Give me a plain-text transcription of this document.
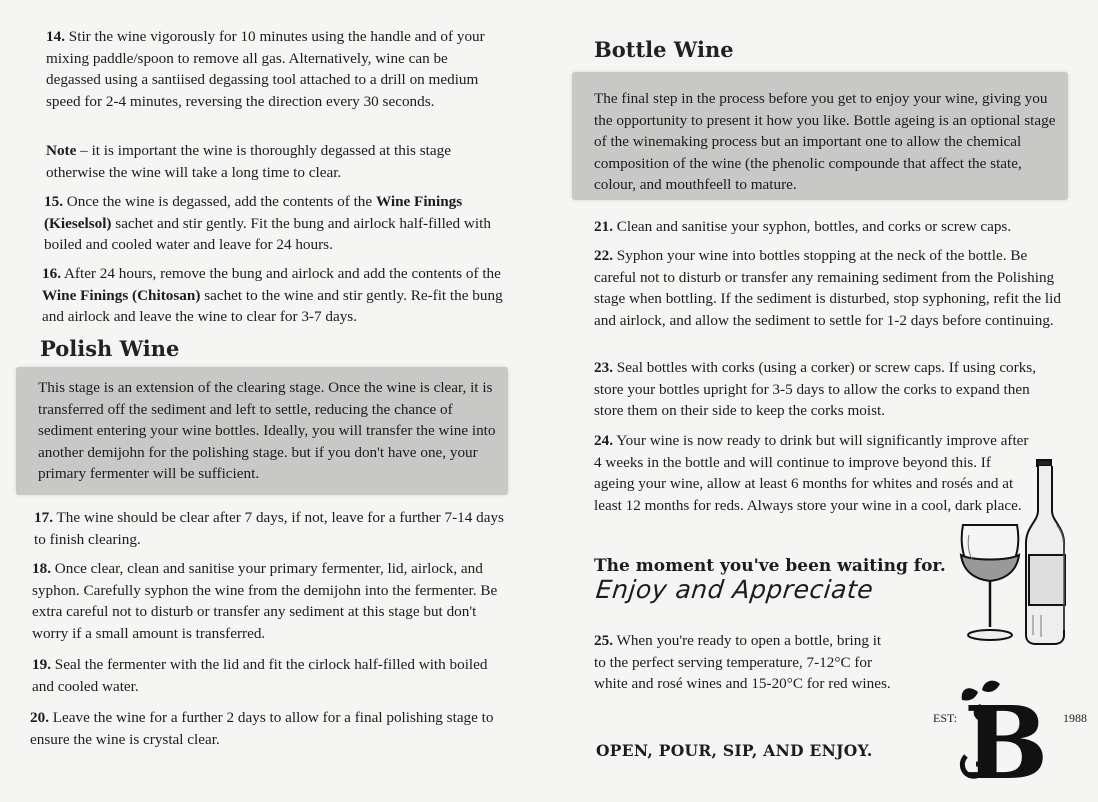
14. Stir the wine vigorously for 10 minutes using the handle and of your mixing paddle/spoon to remove all gas. Alternatively, wine can be degassed using a santiised degassing tool attached to a drill on medium speed for 2-4 minutes, reversing the direction every 30 seconds.

Note – it is important the wine is thoroughly degassed at this stage otherwise the wine will take a long time to clear.

15. Once the wine is degassed, add the contents of the Wine Finings (Kieselsol) sachet and stir gently. Fit the bung and airlock half-filled with boiled and cooled water and leave for 24 hours.

16. After 24 hours, remove the bung and airlock and add the contents of the Wine Finings (Chitosan) sachet to the wine and stir gently. Re-fit the bung and airlock and leave the wine to clear for 3-7 days.

Polish Wine

This stage is an extension of the clearing stage. Once the wine is clear, it is transferred off the sediment and left to settle, reducing the chance of sediment entering your wine bottles. Ideally, you will transfer the wine into another demijohn for the polishing stage. but if you don't have one, your primary fermenter will be sufficient.

17. The wine should be clear after 7 days, if not, leave for a further 7-14 days to finish clearing.

18. Once clear, clean and sanitise your primary fermenter, lid, airlock, and syphon. Carefully syphon the wine from the demijohn into the fermenter. Be extra careful not to disturb or transfer any sediment at this stage but don't worry if a small amount is transferred.

19. Seal the fermenter with the lid and fit the cirlock half-filled with boiled and cooled water.

20. Leave the wine for a further 2 days to allow for a final polishing stage to ensure the wine is crystal clear.

Bottle Wine

The final step in the process before you get to enjoy your wine, giving you the opportunity to present it how you like. Bottle ageing is an optional stage of the winemaking process but an important one to allow the chemical composition of the wine (the phenolic compounde that affect the state, colour, and mouthfeell to mature.

21. Clean and sanitise your syphon, bottles, and corks or screw caps.

22. Syphon your wine into bottles stopping at the neck of the bottle. Be careful not to disturb or transfer any remaining sediment from the Polishing stage when bottling. If the sediment is disturbed, stop syphoning, refit the lid and airlock, and allow the sediment to settle for 1-2 days before continuing.

23. Seal bottles with corks (using a corker) or screw caps. If using corks, store your bottles upright for 3-5 days to allow the corks to expand then store them on their side to keep the corks moist.

24. Your wine is now ready to drink but will significantly improve after 4 weeks in the bottle and will continue to improve beyond this. If ageing your wine, allow at least 6 months for whites and rosés and at least 12 months for reds. Always store your wine in a cool, dark place.

The moment you've been waiting for.
Enjoy and Appreciate

25. When you're ready to open a bottle, bring it to the perfect serving temperature, 7-12°C for white and rosé wines and 15-20°C for red wines.

OPEN, POUR, SIP, AND ENJOY.
EST:	1988
B
